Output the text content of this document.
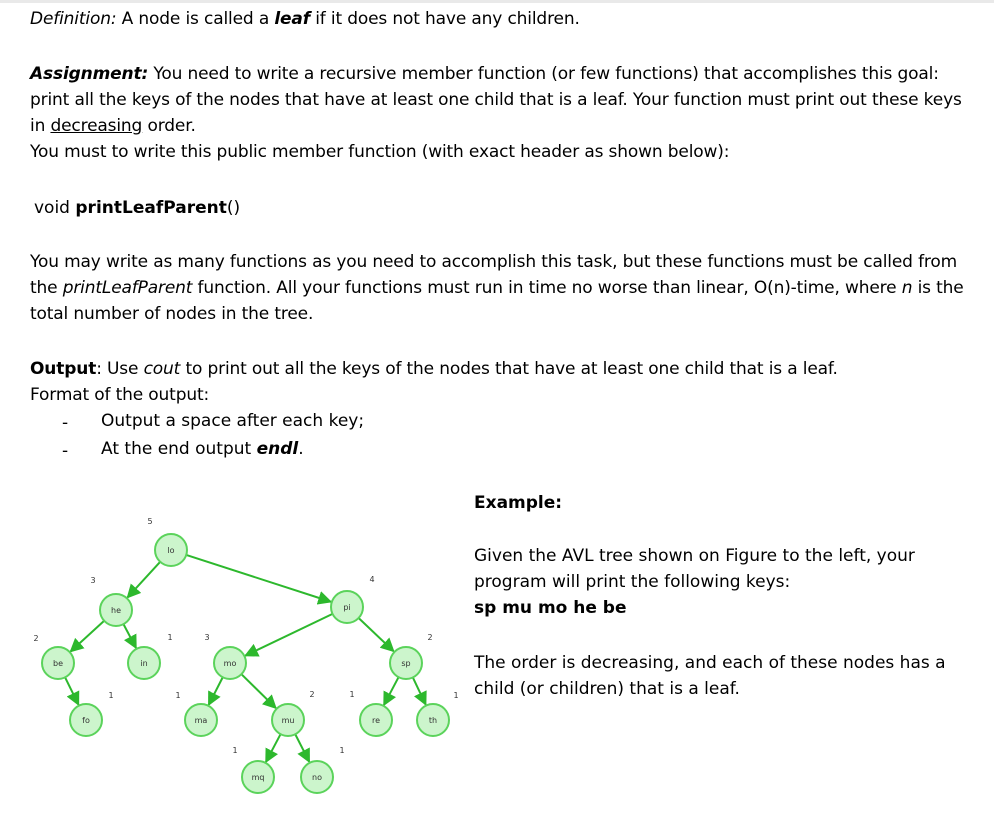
Definition: A node is called a leaf if it does not have any children.
Assignment: You need to write a recursive member function (or few functions) that accomplishes this goal: print all the keys of the nodes that have at least one child that is a leaf. Your function must print out these keys in decreasing order.
You must to write this public member function (with exact header as shown below):
void printLeafParent()
You may write as many functions as you need to accomplish this task, but these functions must be called from the printLeafParent function. All your functions must run in time no worse than linear, O(n)-time, where n is the total number of nodes in the tree.
Output: Use cout to print out all the keys of the nodes that have at least one child that is a leaf.
Format of the output:
- Output a space after each key;
- At the end output endl.
Example:
Given the AVL tree shown on Figure to the left, your program will print the following keys:
sp mu mo he be
The order is decreasing, and each of these nodes has a child (or children) that is a leaf.
lo
5
he
3
pi
4
be
2
in
1
mo
3
sp
2
fo
1
ma
1
mu
2
re
1
th
1
mq
1
no
1
